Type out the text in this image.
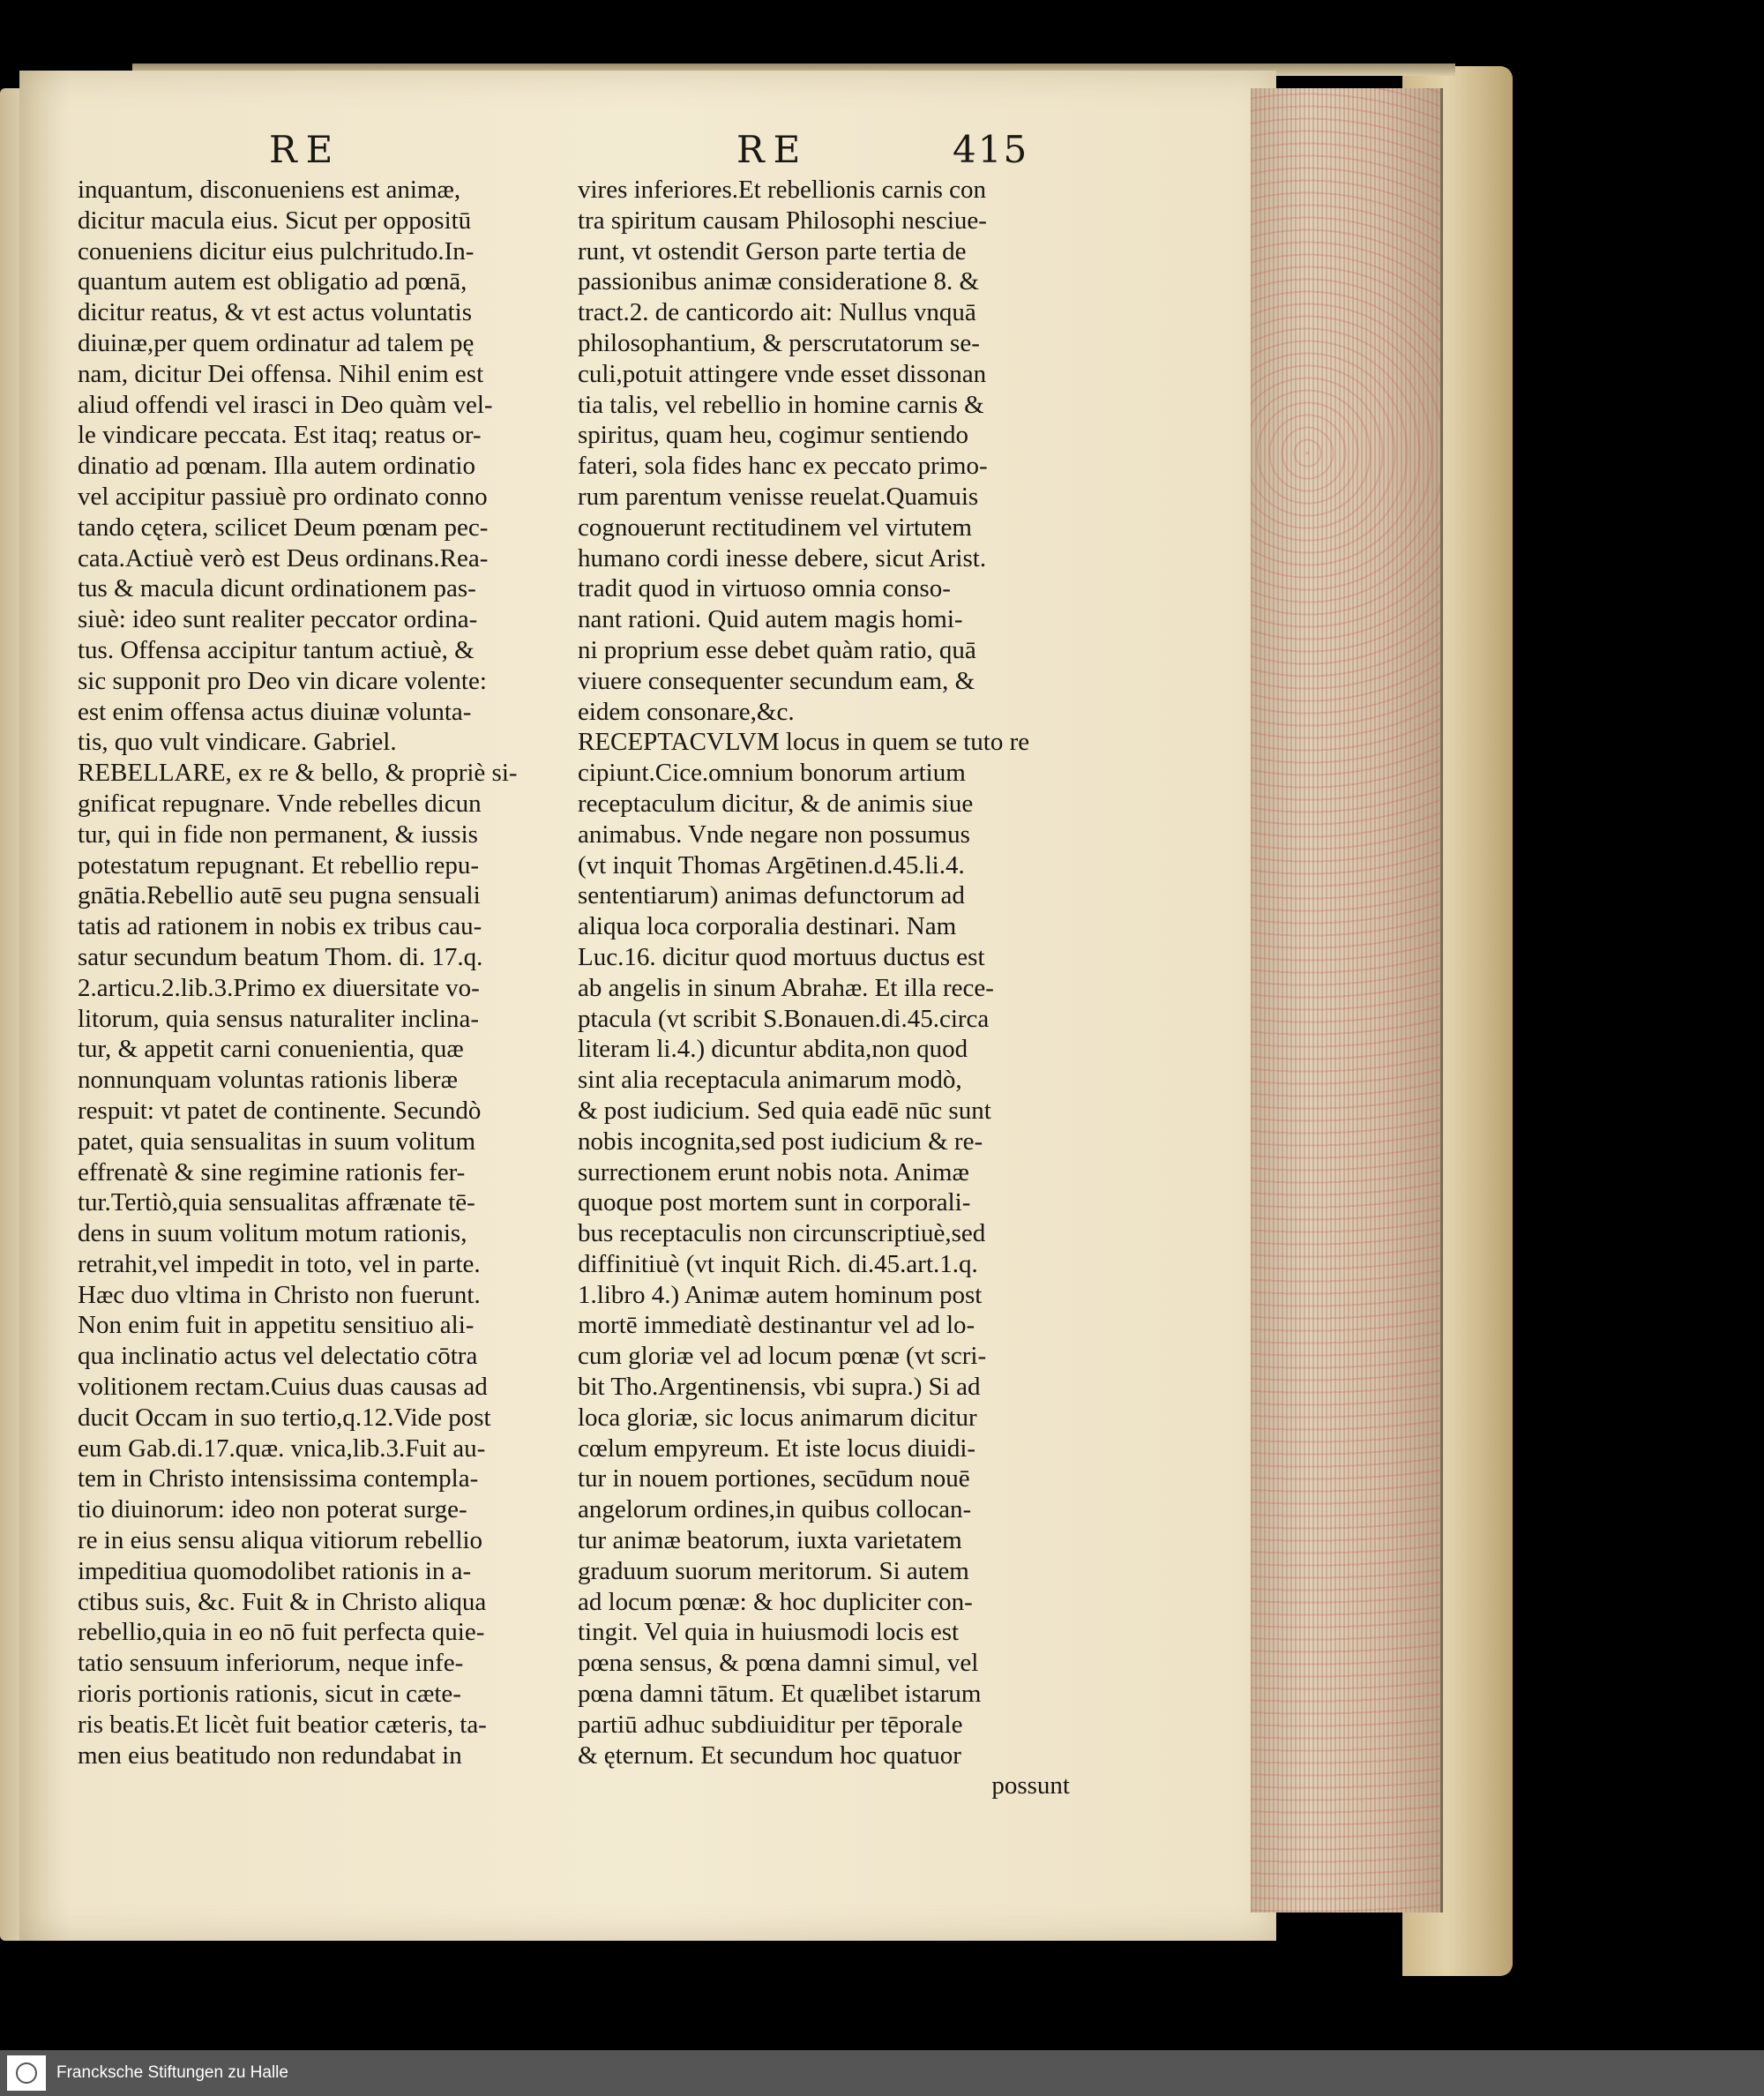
RE	RE	415
inquantum, disconueniens est animæ,
dicitur macula eius. Sicut per oppositū
conueniens dicitur eius pulchritudo.In-
quantum autem est obligatio ad pœnā,
dicitur reatus, & vt est actus voluntatis
diuinæ,per quem ordinatur ad talem pę
nam, dicitur Dei offensa. Nihil enim est
aliud offendi vel irasci in Deo quàm vel-
le vindicare peccata. Est itaq; reatus or-
dinatio ad pœnam. Illa autem ordinatio
vel accipitur passiuè pro ordinato conno
tando cętera, scilicet Deum pœnam pec-
cata.Actiuè verò est Deus ordinans.Rea-
tus & macula dicunt ordinationem pas-
siuè: ideo sunt realiter peccator ordina-
tus. Offensa accipitur tantum actiuè, &
sic supponit pro Deo vin dicare volente:
est enim offensa actus diuinæ volunta-
tis, quo vult vindicare. Gabriel.
REBELLARE, ex re & bello, & propriè si-
gnificat repugnare. Vnde rebelles dicun
tur, qui in fide non permanent, & iussis
potestatum repugnant. Et rebellio repu-
gnātia.Rebellio autē seu pugna sensuali
tatis ad rationem in nobis ex tribus cau-
satur secundum beatum Thom. di. 17.q.
2.articu.2.lib.3.Primo ex diuersitate vo-
litorum, quia sensus naturaliter inclina-
tur, & appetit carni conuenientia, quæ
nonnunquam voluntas rationis liberæ
respuit: vt patet de continente. Secundò
patet, quia sensualitas in suum volitum
effrenatè & sine regimine rationis fer-
tur.Tertiò,quia sensualitas affrænate tē-
dens in suum volitum motum rationis,
retrahit,vel impedit in toto, vel in parte.
Hæc duo vltima in Christo non fuerunt.
Non enim fuit in appetitu sensitiuo ali-
qua inclinatio actus vel delectatio cōtra
volitionem rectam.Cuius duas causas ad
ducit Occam in suo tertio,q.12.Vide post
eum Gab.di.17.quæ. vnica,lib.3.Fuit au-
tem in Christo intensissima contempla-
tio diuinorum: ideo non poterat surge-
re in eius sensu aliqua vitiorum rebellio
impeditiua quomodolibet rationis in a-
ctibus suis, &c. Fuit & in Christo aliqua
rebellio,quia in eo nō fuit perfecta quie-
tatio sensuum inferiorum, neque infe-
rioris portionis rationis, sicut in cæte-
ris beatis.Et licèt fuit beatior cæteris, ta-
men eius beatitudo non redundabat in
vires inferiores.Et rebellionis carnis con
tra spiritum causam Philosophi nesciue-
runt, vt ostendit Gerson parte tertia de
passionibus animæ consideratione 8. &
tract.2. de canticordo ait: Nullus vnquā
philosophantium, & perscrutatorum se-
culi,potuit attingere vnde esset dissonan
tia talis, vel rebellio in homine carnis &
spiritus, quam heu, cogimur sentiendo
fateri, sola fides hanc ex peccato primo-
rum parentum venisse reuelat.Quamuis
cognouerunt rectitudinem vel virtutem
humano cordi inesse debere, sicut Arist.
tradit quod in virtuoso omnia conso-
nant rationi. Quid autem magis homi-
ni proprium esse debet quàm ratio, quā
viuere consequenter secundum eam, &
eidem consonare,&c.
RECEPTACVLVM locus in quem se tuto re
cipiunt.Cice.omnium bonorum artium
receptaculum dicitur, & de animis siue
animabus. Vnde negare non possumus
(vt inquit Thomas Argētinen.d.45.li.4.
sententiarum) animas defunctorum ad
aliqua loca corporalia destinari. Nam
Luc.16. dicitur quod mortuus ductus est
ab angelis in sinum Abrahæ. Et illa rece-
ptacula (vt scribit S.Bonauen.di.45.circa
literam li.4.) dicuntur abdita,non quod
sint alia receptacula animarum modò,
& post iudicium. Sed quia eadē nūc sunt
nobis incognita,sed post iudicium & re-
surrectionem erunt nobis nota. Animæ
quoque post mortem sunt in corporali-
bus receptaculis non circunscriptiuè,sed
diffinitiuè (vt inquit Rich. di.45.art.1.q.
1.libro 4.) Animæ autem hominum post
mortē immediatè destinantur vel ad lo-
cum gloriæ vel ad locum pœnæ (vt scri-
bit Tho.Argentinensis, vbi supra.) Si ad
loca gloriæ, sic locus animarum dicitur
cœlum empyreum. Et iste locus diuidi-
tur in nouem portiones, secūdum nouē
angelorum ordines,in quibus collocan-
tur animæ beatorum, iuxta varietatem
graduum suorum meritorum. Si autem
ad locum pœnæ: & hoc dupliciter con-
tingit. Vel quia in huiusmodi locis est
pœna sensus, & pœna damni simul, vel
pœna damni tātum. Et quælibet istarum
partiū adhuc subdiuiditur per tēporale
& ęternum. Et secundum hoc quatuor
possunt
Francksche Stiftungen zu Halle
